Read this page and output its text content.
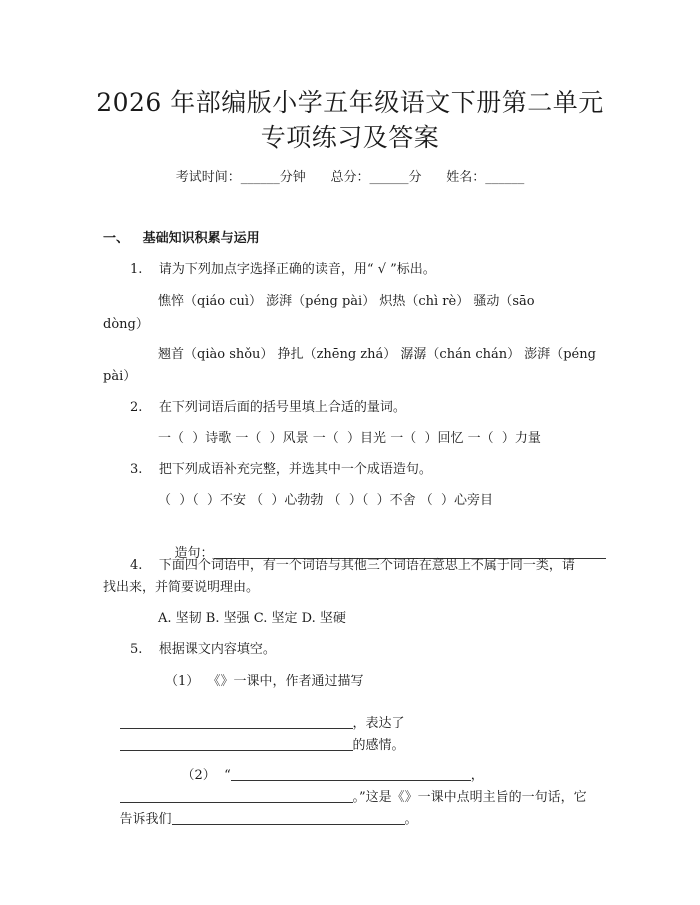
2026 年部编版小学五年级语文下册第二单元
专项练习及答案
考试时间：______分钟      总分：______分      姓名：______
一、   基础知识积累与运用
1.    请为下列加点字选择正确的读音，用“ √ ”标出。
憔悴（qiáo cuì） 澎湃（péng pài） 炽热（chì rè） 骚动（sāo
dòng）
翘首（qiào shǒu） 挣扎（zhēng zhá） 潺潺（chán chán） 澎湃（péng
pài）
2.    在下列词语后面的括号里填上合适的量词。
一（  ）诗歌 一（  ）风景 一（  ）目光 一（  ）回忆 一（  ）力量
3.    把下列成语补充完整，并选其中一个成语造句。
（  ）（  ）不安 （  ）心勃勃 （  ）（  ）不舍 （  ）心旁目

造句：

4.    下面四个词语中，有一个词语与其他三个词语在意思上不属于同一类，请
找出来，并简要说明理由。
A. 坚韧 B. 坚强 C. 坚定 D. 坚硬
5.    根据课文内容填空。
（1）  《》一课中，作者通过描写

，表达了

的感情。

（2）  “	，

。”这是《》一课中点明主旨的一句话，它

告诉我们	。
